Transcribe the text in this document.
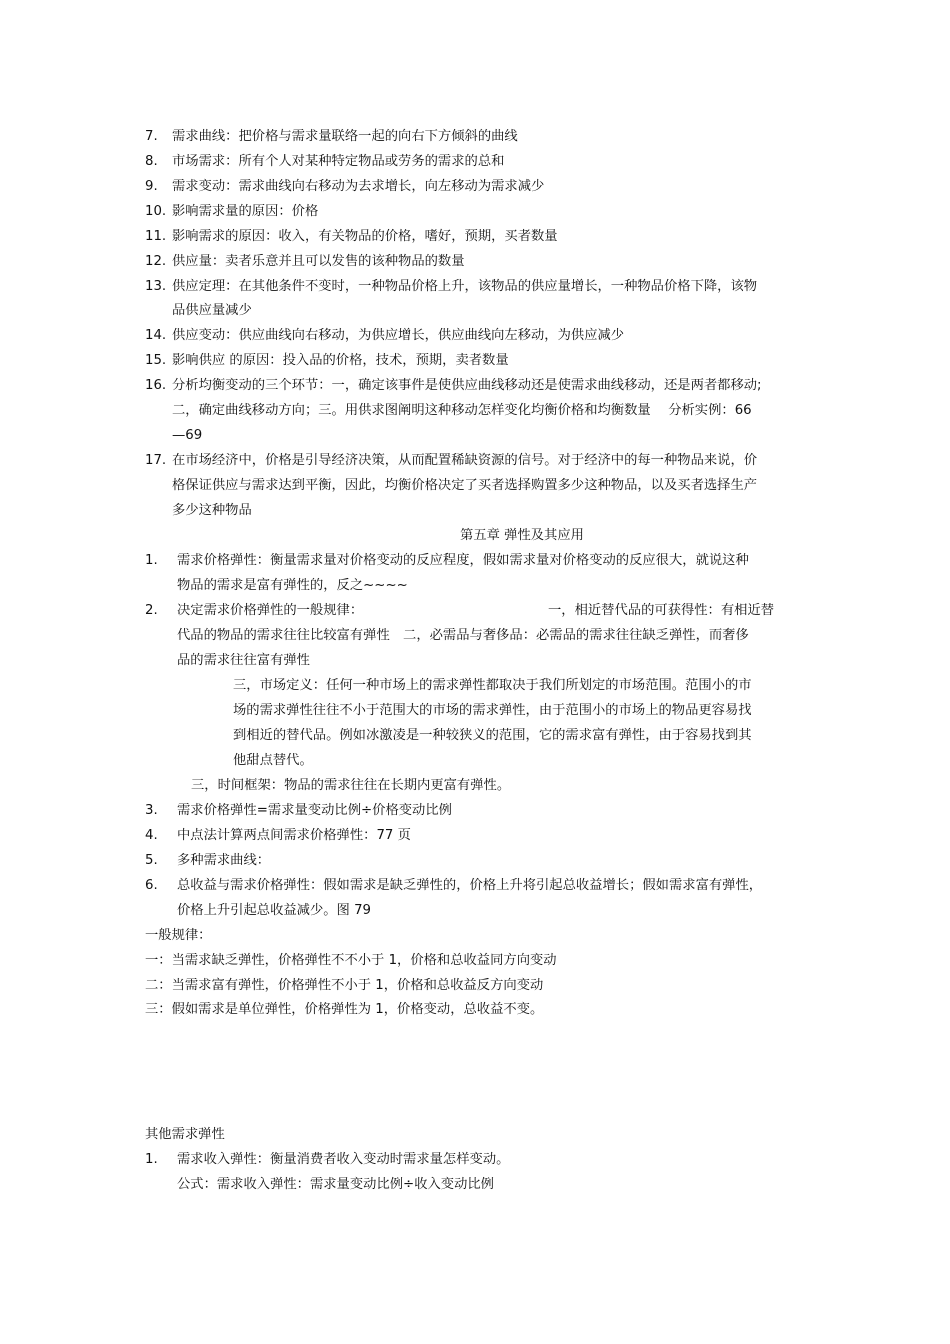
7. 需求曲线：把价格与需求量联络一起的向右下方倾斜的曲线
8. 市场需求：所有个人对某种特定物品或劳务的需求的总和
9. 需求变动：需求曲线向右移动为去求增长，向左移动为需求减少
10. 影响需求量的原因：价格
11. 影响需求的原因：收入，有关物品的价格，嗜好，预期，买者数量
12. 供应量：卖者乐意并且可以发售的该种物品的数量
13. 供应定理：在其他条件不变时，一种物品价格上升，该物品的供应量增长，一种物品价格下降，该物
品供应量减少
14. 供应变动：供应曲线向右移动，为供应增长，供应曲线向左移动，为供应减少
15. 影响供应 的原因：投入品的价格，技术，预期，卖者数量
16. 分析均衡变动的三个环节：一，确定该事件是使供应曲线移动还是使需求曲线移动，还是两者都移动;
二，确定曲线移动方向；三。用供求图阐明这种移动怎样变化均衡价格和均衡数量　 分析实例：66
—69
17. 在市场经济中，价格是引导经济决策，从而配置稀缺资源的信号。对于经济中的每一种物品来说，价
格保证供应与需求达到平衡，因此，均衡价格决定了买者选择购置多少这种物品，以及买者选择生产
多少这种物品
第五章 弹性及其应用
1. 需求价格弹性：衡量需求量对价格变动的反应程度，假如需求量对价格变动的反应很大，就说这种
物品的需求是富有弹性的，反之~~~~
2. 决定需求价格弹性的一般规律：	一，相近替代品的可获得性：有相近替
代品的物品的需求往往比较富有弹性　二，必需品与奢侈品：必需品的需求往往缺乏弹性，而奢侈
品的需求往往富有弹性
三，市场定义：任何一种市场上的需求弹性都取决于我们所划定的市场范围。范围小的市
场的需求弹性往往不小于范围大的市场的需求弹性，由于范围小的市场上的物品更容易找
到相近的替代品。例如冰激凌是一种较狭义的范围，它的需求富有弹性，由于容易找到其
他甜点替代。
三，时间框架：物品的需求往往在长期内更富有弹性。
3. 需求价格弹性=需求量变动比例÷价格变动比例
4. 中点法计算两点间需求价格弹性：77 页
5. 多种需求曲线：
6. 总收益与需求价格弹性：假如需求是缺乏弹性的，价格上升将引起总收益增长；假如需求富有弹性，
价格上升引起总收益减少。图 79
一般规律：
一：当需求缺乏弹性，价格弹性不不小于 1，价格和总收益同方向变动
二：当需求富有弹性，价格弹性不小于 1，价格和总收益反方向变动
三：假如需求是单位弹性，价格弹性为 1，价格变动，总收益不变。
其他需求弹性
1. 需求收入弹性：衡量消费者收入变动时需求量怎样变动。
公式：需求收入弹性：需求量变动比例÷收入变动比例
